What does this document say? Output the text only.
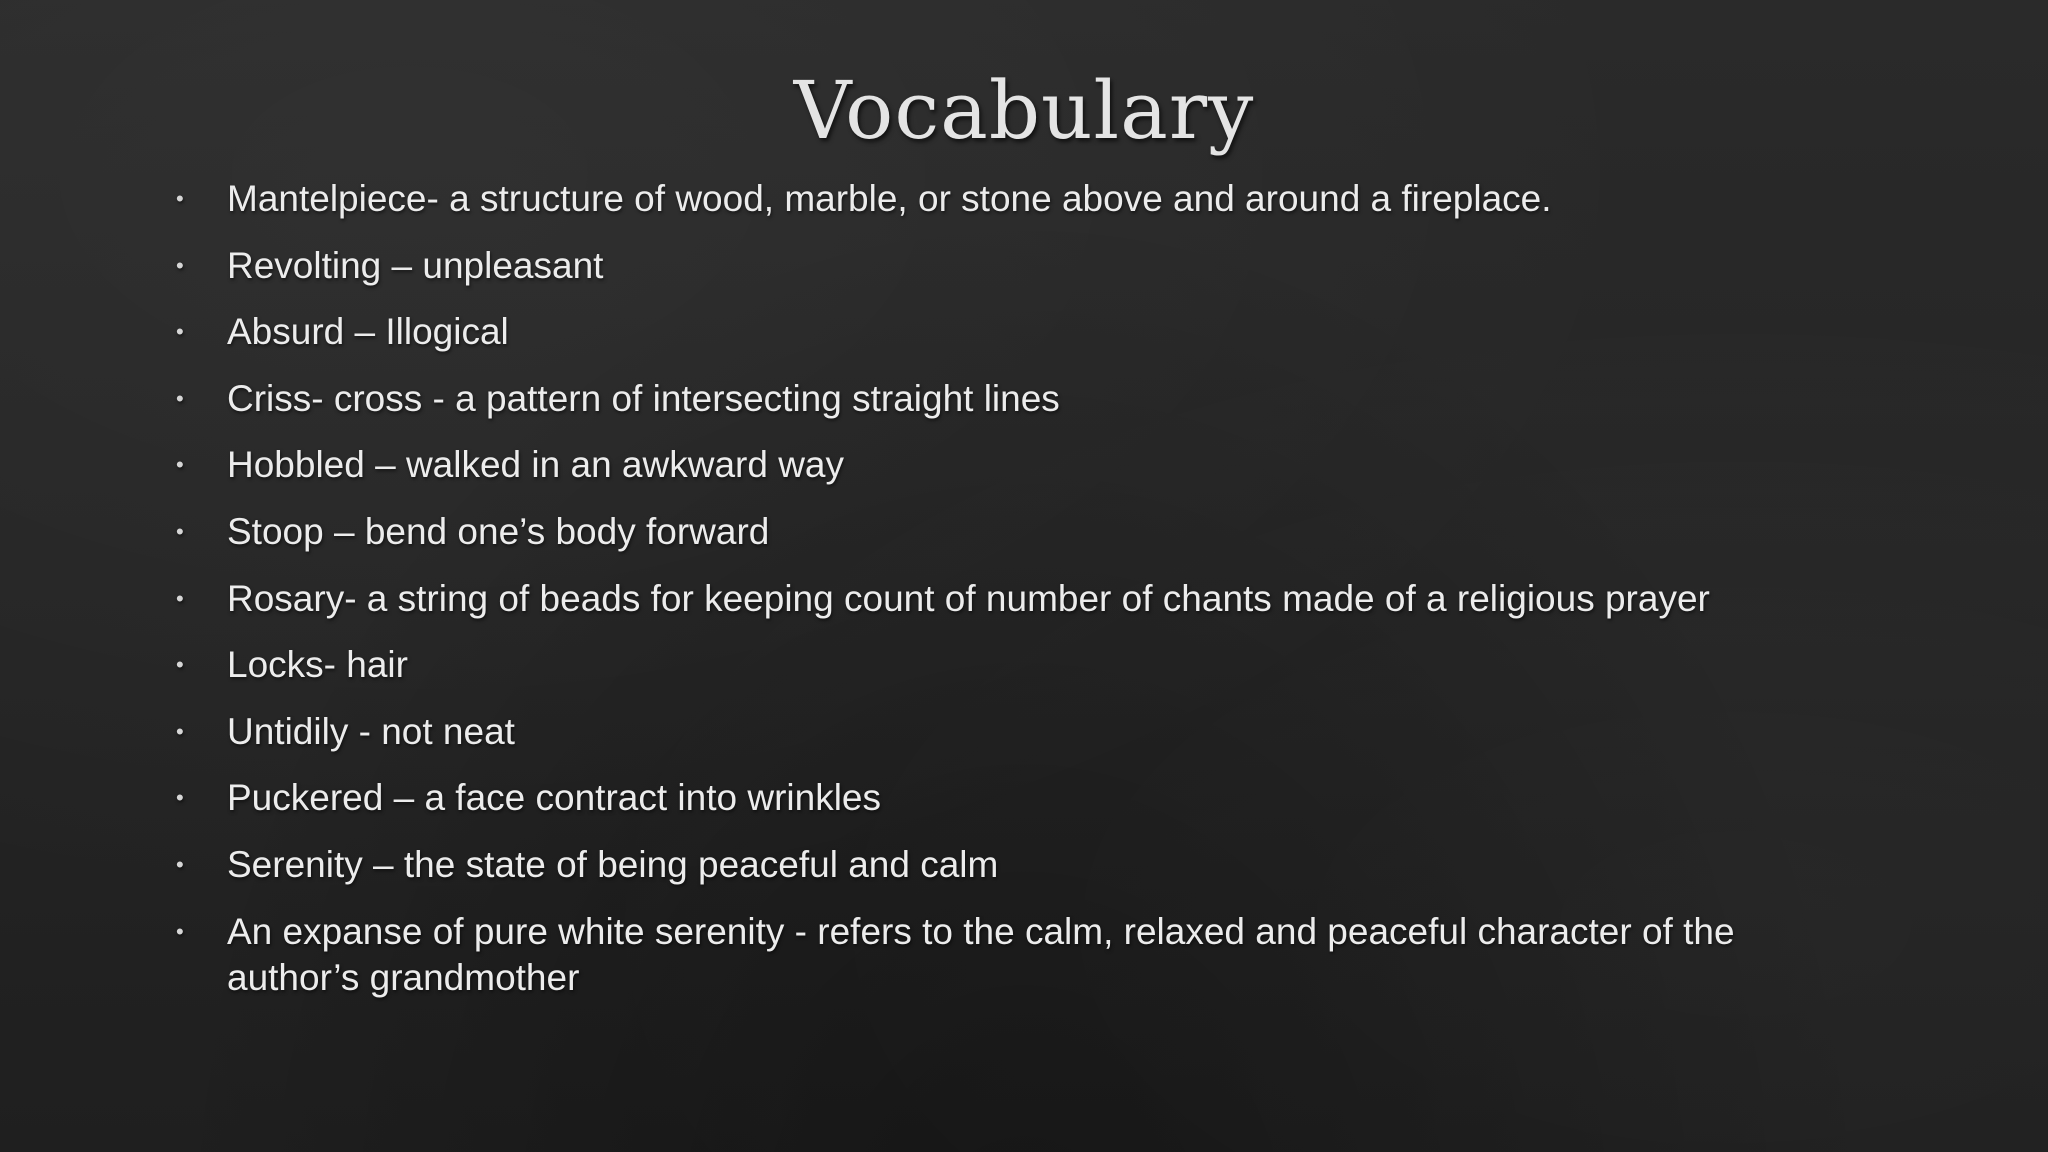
Vocabulary
•	Mantelpiece- a structure of wood, marble, or stone above and around a fireplace.
•	Revolting – unpleasant
•	Absurd – Illogical
•	Criss- cross - a pattern of intersecting straight lines
•	Hobbled – walked in an awkward way
•	Stoop – bend one’s body forward
•	Rosary- a string of beads for keeping count of number of chants made of a religious prayer
•	Locks- hair
•	Untidily - not neat
•	Puckered – a face contract into wrinkles
•	Serenity – the state of being peaceful and calm
•	An expanse of pure white serenity - refers to the calm, relaxed and peaceful character of the author’s grandmother
